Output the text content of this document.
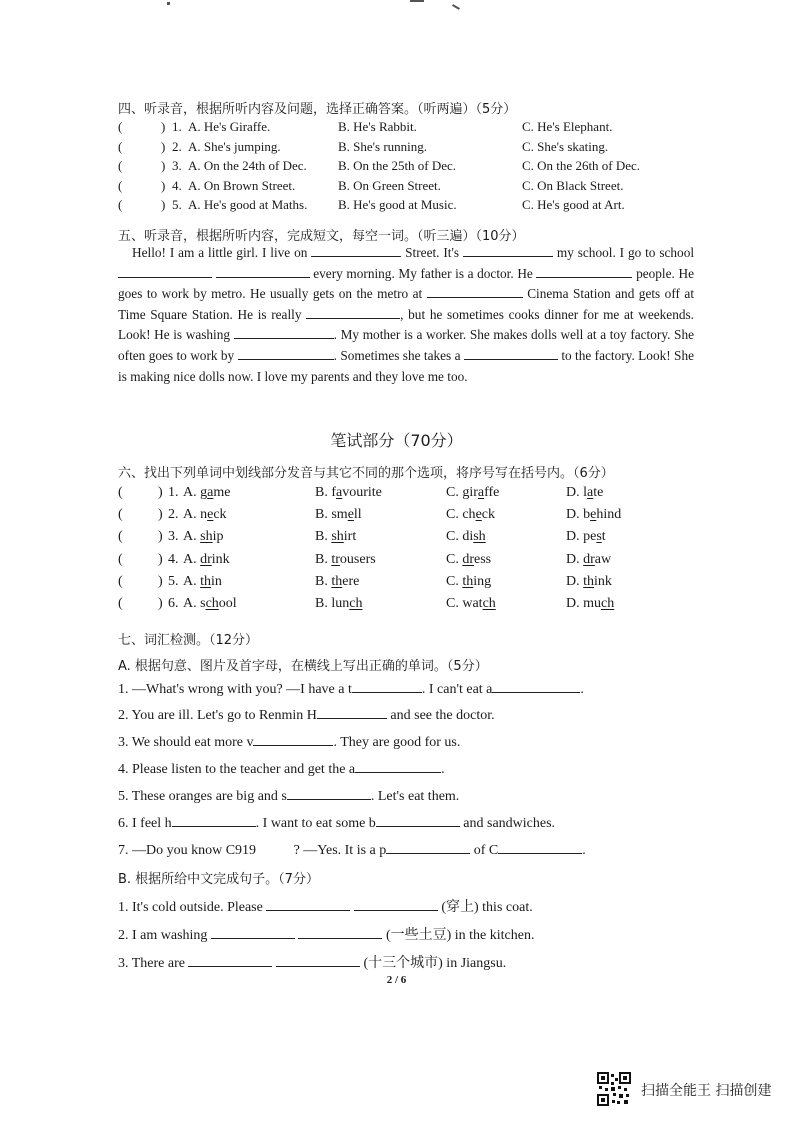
四、听录音，根据所听内容及问题，选择正确答案。（听两遍）（5分）
(	) 1. A. He's Giraffe.	B. He's Rabbit.	C. He's Elephant.
(	) 2. A. She's jumping.	B. She's running.	C. She's skating.
(	) 3. A. On the 24th of Dec. B. On the 25th of Dec.	C. On the 26th of Dec.
(	) 4. A. On Brown Street.	B. On Green Street.	C. On Black Street.
(	) 5. A. He's good at Maths. B. He's good at Music.	C. He's good at Art.
五、听录音，根据所听内容，完成短文，每空一词。（听三遍）（10分）
Hello! I am a little girl. I live on	Street. It's	my school. I go to school   every morning. My father is a doctor. He	people. He goes to work by metro. He usually gets on the metro at	Cinema Station and gets off at Time Square Station. He is really	, but he sometimes cooks dinner for me at weekends. Look! He is washing	. My mother is a worker. She makes dolls well at a toy factory. She often goes to work by	. Sometimes she takes a	to the factory. Look! She is making nice dolls now. I love my parents and they love me too.
笔试部分（70分）
六、找出下列单词中划线部分发音与其它不同的那个选项，将序号写在括号内。（6分）
(	) 1. A. game	B. favourite	C. giraffe	D. late
(	) 2. A. neck	B. smell	C. check	D. behind
(	) 3. A. ship	B. shirt	C. dish	D. pest
(	) 4. A. drink	B. trousers	C. dress	D. draw
(	) 5. A. thin	B. there	C. thing	D. think
(	) 6. A. school	B. lunch	C. watch	D. much
七、词汇检测。（12分）
A. 根据句意、图片及首字母，在横线上写出正确的单词。（5分）
1. —What's wrong with you? —I have a t	. I can't eat a	.
2. You are ill. Let's go to Renmin H	and see the doctor.
3. We should eat more v	. They are good for us.
4. Please listen to the teacher and get the a	.
5. These oranges are big and s	. Let's eat them.
6. I feel h	. I want to eat some b	and sandwiches.
7. —Do you know C919	? —Yes. It is a p	of C	.
B. 根据所给中文完成句子。（7分）
1. It's cold outside. Please	(穿上) this coat.
2. I am washing	(一些土豆) in the kitchen.
3. There are	(十三个城市) in Jiangsu.
2 / 6
扫描全能王 扫描创建
